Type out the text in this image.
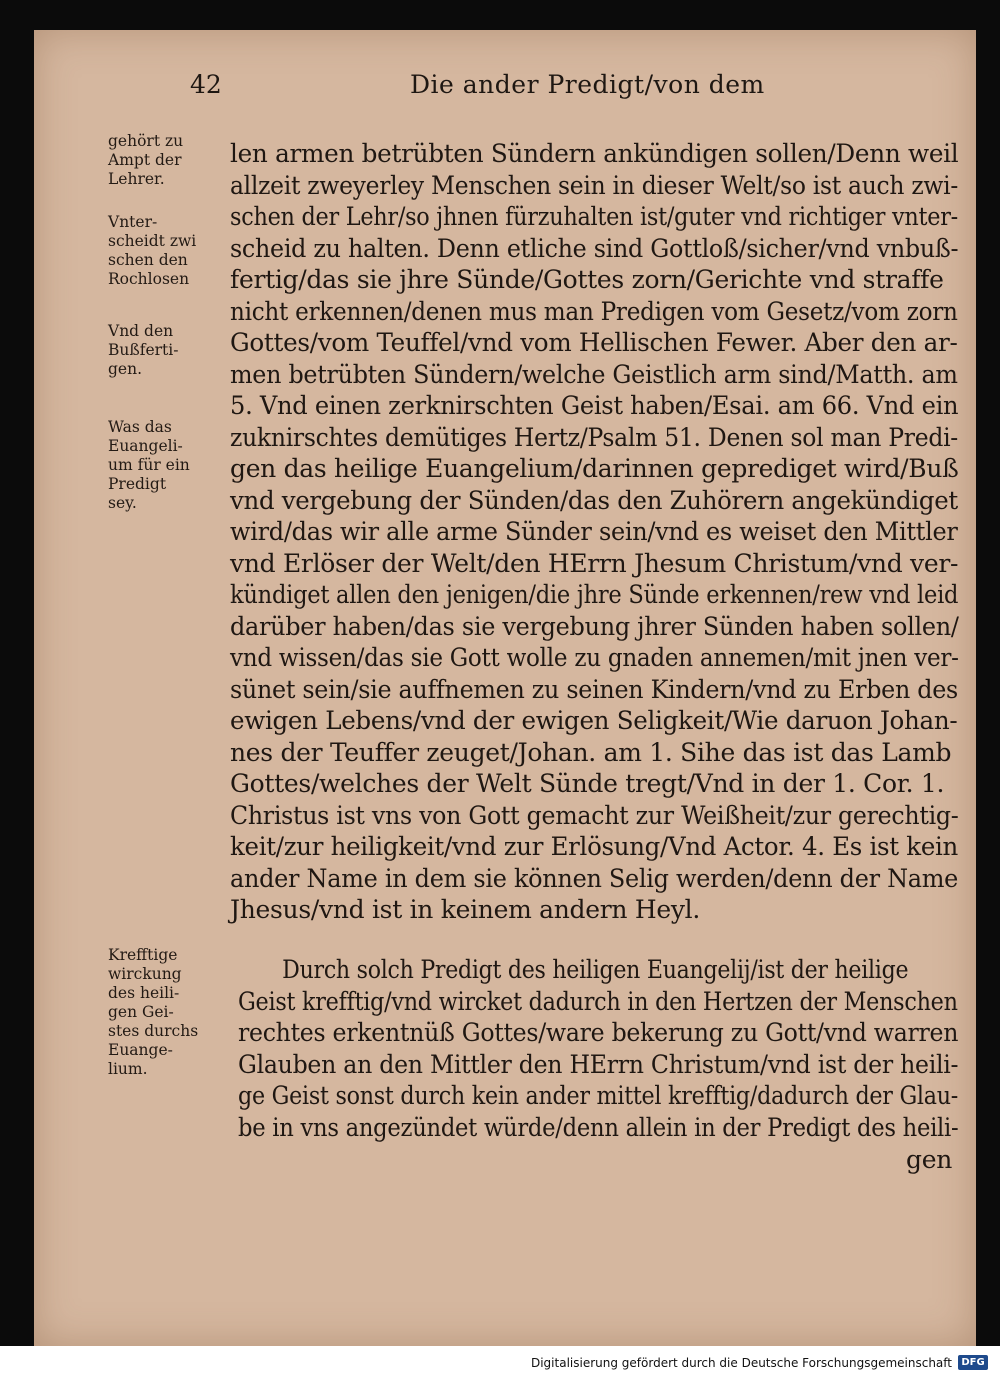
42	Die ander Predigt/von dem
gehört zu
Ampt der
Lehrer.
Vnter-
scheidt zwi
schen den
Rochlosen
Vnd den
Bußferti-
gen.
Was das
Euangeli-
um für ein
Predigt
sey.
Krefftige
wirckung
des heili-
gen Gei-
stes durchs
Euange-
lium.
len armen betrübten Sündern ankündigen sollen/Denn weil
allzeit zweyerley Menschen sein in dieser Welt/so ist auch zwi-
schen der Lehr/so jhnen fürzuhalten ist/guter vnd richtiger vnter-
scheid zu halten. Denn etliche sind Gottloß/sicher/vnd vnbuß-
fertig/das sie jhre Sünde/Gottes zorn/Gerichte vnd straffe
nicht erkennen/denen mus man Predigen vom Gesetz/vom zorn
Gottes/vom Teuffel/vnd vom Hellischen Fewer. Aber den ar-
men betrübten Sündern/welche Geistlich arm sind/Matth. am
5. Vnd einen zerknirschten Geist haben/Esai. am 66. Vnd ein
zuknirschtes demütiges Hertz/Psalm 51. Denen sol man Predi-
gen das heilige Euangelium/darinnen geprediget wird/Buß
vnd vergebung der Sünden/das den Zuhörern angekündiget
wird/das wir alle arme Sünder sein/vnd es weiset den Mittler
vnd Erlöser der Welt/den HErrn Jhesum Christum/vnd ver-
kündiget allen den jenigen/die jhre Sünde erkennen/rew vnd leid
darüber haben/das sie vergebung jhrer Sünden haben sollen/
vnd wissen/das sie Gott wolle zu gnaden annemen/mit jnen ver-
sünet sein/sie auffnemen zu seinen Kindern/vnd zu Erben des
ewigen Lebens/vnd der ewigen Seligkeit/Wie daruon Johan-
nes der Teuffer zeuget/Johan. am 1. Sihe das ist das Lamb
Gottes/welches der Welt Sünde tregt/Vnd in der 1. Cor. 1.
Christus ist vns von Gott gemacht zur Weißheit/zur gerechtig-
keit/zur heiligkeit/vnd zur Erlösung/Vnd Actor. 4. Es ist kein
ander Name in dem sie können Selig werden/denn der Name
Jhesus/vnd ist in keinem andern Heyl.
Durch solch Predigt des heiligen Euangelij/ist der heilige
Geist krefftig/vnd wircket dadurch in den Hertzen der Menschen
rechtes erkentnüß Gottes/ware bekerung zu Gott/vnd warren
Glauben an den Mittler den HErrn Christum/vnd ist der heili-
ge Geist sonst durch kein ander mittel krefftig/dadurch der Glau-
be in vns angezündet würde/denn allein in der Predigt des heili-
gen
Digitalisierung gefördert durch die Deutsche Forschungsgemeinschaft DFG
